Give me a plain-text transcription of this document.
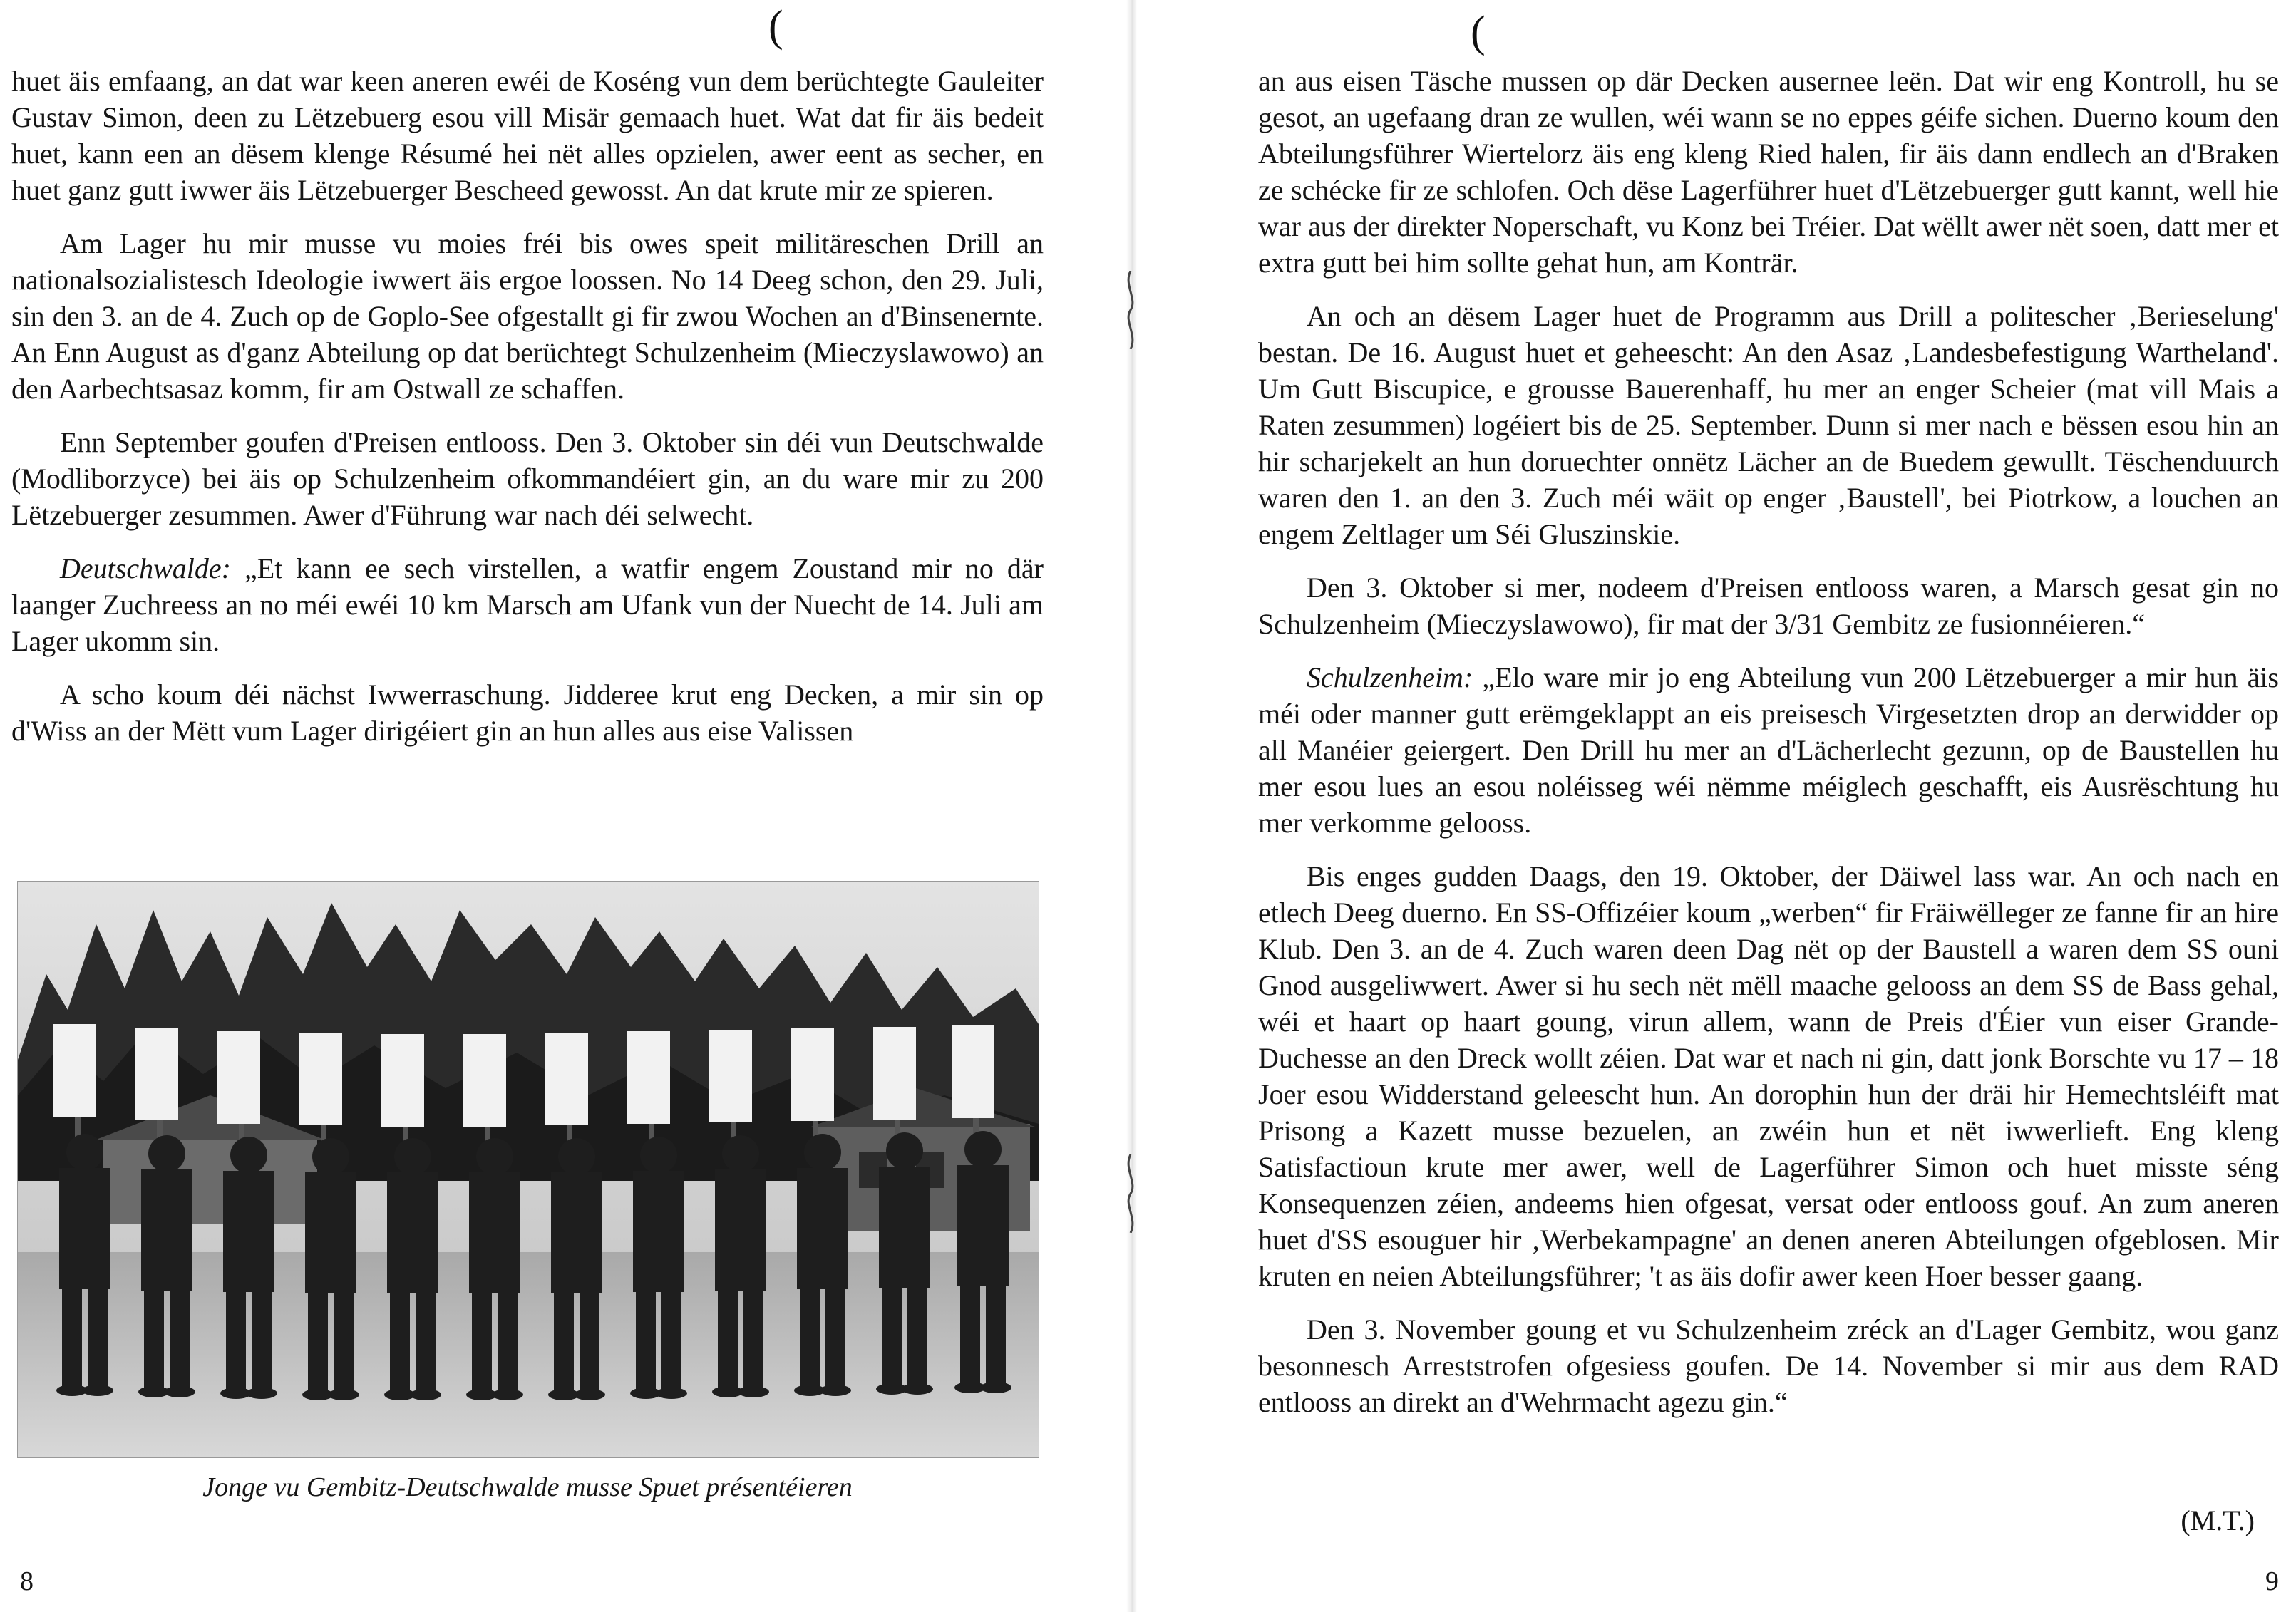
(

huet äis emfaang, an dat war keen aneren ewéi de Koséng vun dem berüchtegte Gauleiter Gustav Simon, deen zu Lëtzebuerg esou vill Misär gemaach huet. Wat dat fir äis bedeit huet, kann een an dësem klenge Résumé hei nët alles opzielen, awer eent as secher, en huet ganz gutt iwwer äis Lëtzebuerger Bescheed gewosst. An dat krute mir ze spieren.

Am Lager hu mir musse vu moies fréi bis owes speit militäreschen Drill an nationalsozialistesch Ideologie iwwert äis ergoe loossen. No 14 Deeg schon, den 29. Juli, sin den 3. an de 4. Zuch op de Goplo-See ofgestallt gi fir zwou Wochen an d'Binsenernte. An Enn August as d'ganz Abteilung op dat berüchtegt Schulzenheim (Mieczyslawowo) an den Aarbechtsasaz komm, fir am Ostwall ze schaffen.

Enn September goufen d'Preisen entlooss. Den 3. Oktober sin déi vun Deutschwalde (Modliborzyce) bei äis op Schulzenheim ofkommandéiert gin, an du ware mir zu 200 Lëtzebuerger zesummen. Awer d'Führung war nach déi selwecht.

Deutschwalde: „Et kann ee sech virstellen, a watfir engem Zoustand mir no där laanger Zuchreess an no méi ewéi 10 km Marsch am Ufank vun der Nuecht de 14. Juli am Lager ukomm sin.

A scho koum déi nächst Iwwerraschung. Jidderee krut eng Decken, a mir sin op d'Wiss an der Mëtt vum Lager dirigéiert gin an hun alles aus eise Valissen

Jonge vu Gembitz-Deutschwalde musse Spuet présentéieren
8
(

an aus eisen Täsche mussen op där Decken ausernee leën. Dat wir eng Kontroll, hu se gesot, an ugefaang dran ze wullen, wéi wann se no eppes géife sichen. Duerno koum den Abteilungsführer Wiertelorz äis eng kleng Ried halen, fir äis dann endlech an d'Braken ze schécke fir ze schlofen. Och dëse Lagerführer huet d'Lëtzebuerger gutt kannt, well hie war aus der direkter Noperschaft, vu Konz bei Tréier. Dat wëllt awer nët soen, datt mer et extra gutt bei him sollte gehat hun, am Konträr.

An och an dësem Lager huet de Programm aus Drill a politescher ‚Berieselung' bestan. De 16. August huet et geheescht: An den Asaz ‚Landesbefestigung Wartheland'. Um Gutt Biscupice, e grousse Bauerenhaff, hu mer an enger Scheier (mat vill Mais a Raten zesummen) logéiert bis de 25. September. Dunn si mer nach e bëssen esou hin an hir scharjekelt an hun doruechter onnëtz Lächer an de Buedem gewullt. Tëschenduurch waren den 1. an den 3. Zuch méi wäit op enger ‚Baustell', bei Piotrkow, a louchen an engem Zeltlager um Séi Gluszinskie.

Den 3. Oktober si mer, nodeem d'Preisen entlooss waren, a Marsch gesat gin no Schulzenheim (Mieczyslawowo), fir mat der 3/31 Gembitz ze fusionnéieren.“

Schulzenheim: „Elo ware mir jo eng Abteilung vun 200 Lëtzebuerger a mir hun äis méi oder manner gutt erëmgeklappt an eis preisesch Virgesetzten drop an derwidder op all Manéier geiergert. Den Drill hu mer an d'Lächerlecht gezunn, op de Baustellen hu mer esou lues an esou noléisseg wéi nëmme méiglech geschafft, eis Ausrëschtung hu mer verkomme gelooss.

Bis enges gudden Daags, den 19. Oktober, der Däiwel lass war. An och nach en etlech Deeg duerno. En SS-Offizéier koum „werben“ fir Fräiwëlleger ze fanne fir an hire Klub. Den 3. an de 4. Zuch waren deen Dag nët op der Baustell a waren dem SS ouni Gnod ausgeliwwert. Awer si hu sech nët mëll maache gelooss an dem SS de Bass gehal, wéi et haart op haart goung, virun allem, wann de Preis d'Éier vun eiser Grande-Duchesse an den Dreck wollt zéien. Dat war et nach ni gin, datt jonk Borschte vu 17 – 18 Joer esou Widderstand geleescht hun. An dorophin hun der dräi hir Hemechtsléift mat Prisong a Kazett musse bezuelen, an zwéin hun et nët iwwerlieft. Eng kleng Satisfactioun krute mer awer, well de Lagerführer Simon och huet misste séng Konsequenzen zéien, andeems hien ofgesat, versat oder entlooss gouf. An zum aneren huet d'SS esouguer hir ‚Werbekampagne' an denen aneren Abteilungen ofgeblosen. Mir kruten en neien Abteilungsführer; 't as äis dofir awer keen Hoer besser gaang.

Den 3. November goung et vu Schulzenheim zréck an d'Lager Gembitz, wou ganz besonnesch Arreststrofen ofgesiess goufen. De 14. November si mir aus dem RAD entlooss an direkt an d'Wehrmacht agezu gin.“

(M.T.)
9
